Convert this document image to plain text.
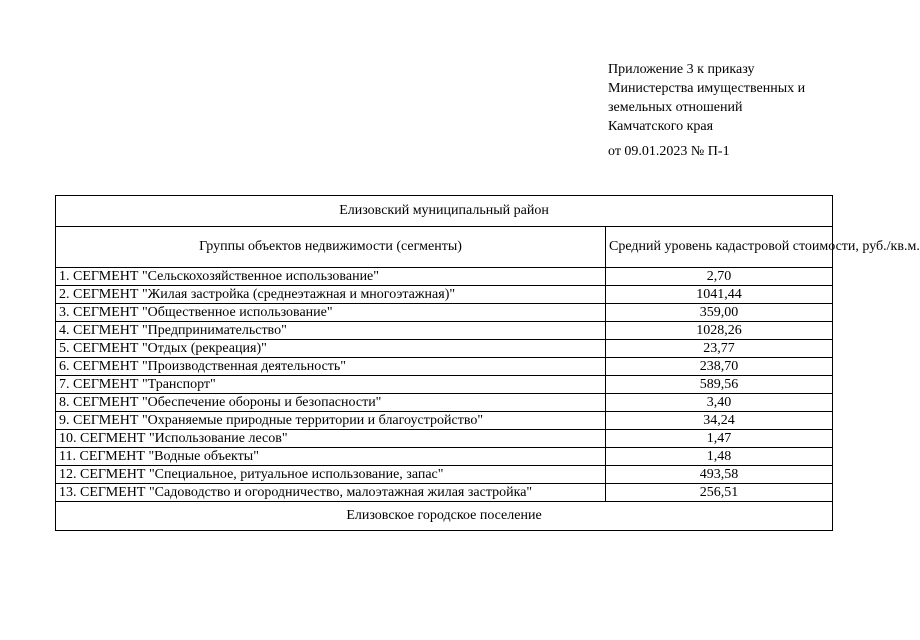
Приложение 3 к приказу
Министерства имущественных и
земельных отношений
Камчатского края
от 09.01.2023 № П-1
Елизовский муниципальный район	
Группы объектов недвижимости (сегменты)	Средний уровень кадастровой стоимости, руб./кв.м.
1. СЕГМЕНТ "Сельскохозяйственное использование"	2,70
2. СЕГМЕНТ "Жилая застройка (среднеэтажная и многоэтажная)"	1041,44
3. СЕГМЕНТ "Общественное использование"	359,00
4. СЕГМЕНТ "Предпринимательство"	1028,26
5. СЕГМЕНТ "Отдых (рекреация)"	23,77
6. СЕГМЕНТ "Производственная деятельность"	238,70
7. СЕГМЕНТ "Транспорт"	589,56
8. СЕГМЕНТ "Обеспечение обороны и безопасности"	3,40
9. СЕГМЕНТ "Охраняемые природные территории и благоустройство"	34,24
10. СЕГМЕНТ "Использование лесов"	1,47
11. СЕГМЕНТ "Водные объекты"	1,48
12. СЕГМЕНТ "Специальное, ритуальное использование, запас"	493,58
13. СЕГМЕНТ "Садоводство и огородничество, малоэтажная жилая застройка"	256,51
Елизовское городское поселение	
